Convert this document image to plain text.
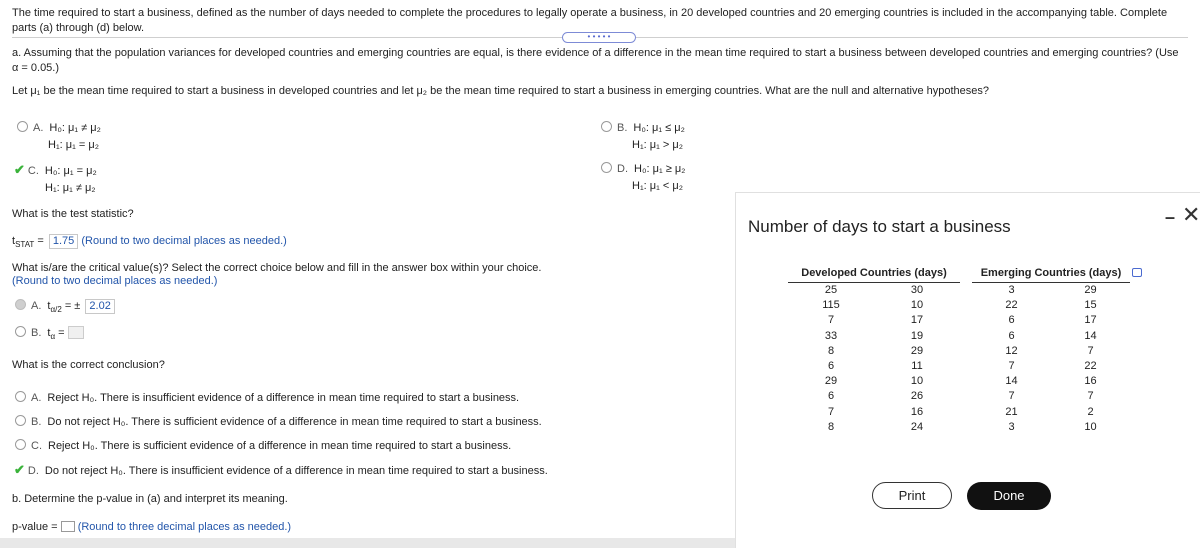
The time required to start a business, defined as the number of days needed to complete the procedures to legally operate a business, in 20 developed countries and 20 emerging countries is included in the accompanying table. Complete parts (a) through (d) below.
• • • • •
a. Assuming that the population variances for developed countries and emerging countries are equal, is there evidence of a difference in the mean time required to start a business between developed countries and emerging countries? (Use α = 0.05.)
Let μ₁ be the mean time required to start a business in developed countries and let μ₂ be the mean time required to start a business in emerging countries. What are the null and alternative hypotheses?
A. H₀: μ₁ ≠ μ₂
H₁: μ₁ = μ₂
B. H₀: μ₁ ≤ μ₂
H₁: μ₁ > μ₂
✔ C. H₀: μ₁ = μ₂
H₁: μ₁ ≠ μ₂
D. H₀: μ₁ ≥ μ₂
H₁: μ₁ < μ₂
What is the test statistic?
$t_{STAT} = 1.75$ (Round to two decimal places as needed.)
What is/are the critical value(s)? Select the correct choice below and fill in the answer box within your choice.
(Round to two decimal places as needed.)
A. $t_{\alpha/2}$ = ± 2.02
B. $t_\alpha$ =
What is the correct conclusion?
A. Reject H₀. There is insufficient evidence of a difference in mean time required to start a business.
B. Do not reject H₀. There is sufficient evidence of a difference in mean time required to start a business.
C. Reject H₀. There is sufficient evidence of a difference in mean time required to start a business.
✔ D. Do not reject H₀. There is insufficient evidence of a difference in mean time required to start a business.
b. Determine the p-value in (a) and interpret its meaning.
p-value = (Round to three decimal places as needed.)
Number of days to start a business	– ✕
Developed Countries (days)			Emerging Countries (days)	
25	30		3	29
115	10		22	15
7	17		6	17
33	19		6	14
8	29		12	7
6	11		7	22
29	10		14	16
6	26		7	7
7	16		21	2
8	24		3	10
Print	Done
